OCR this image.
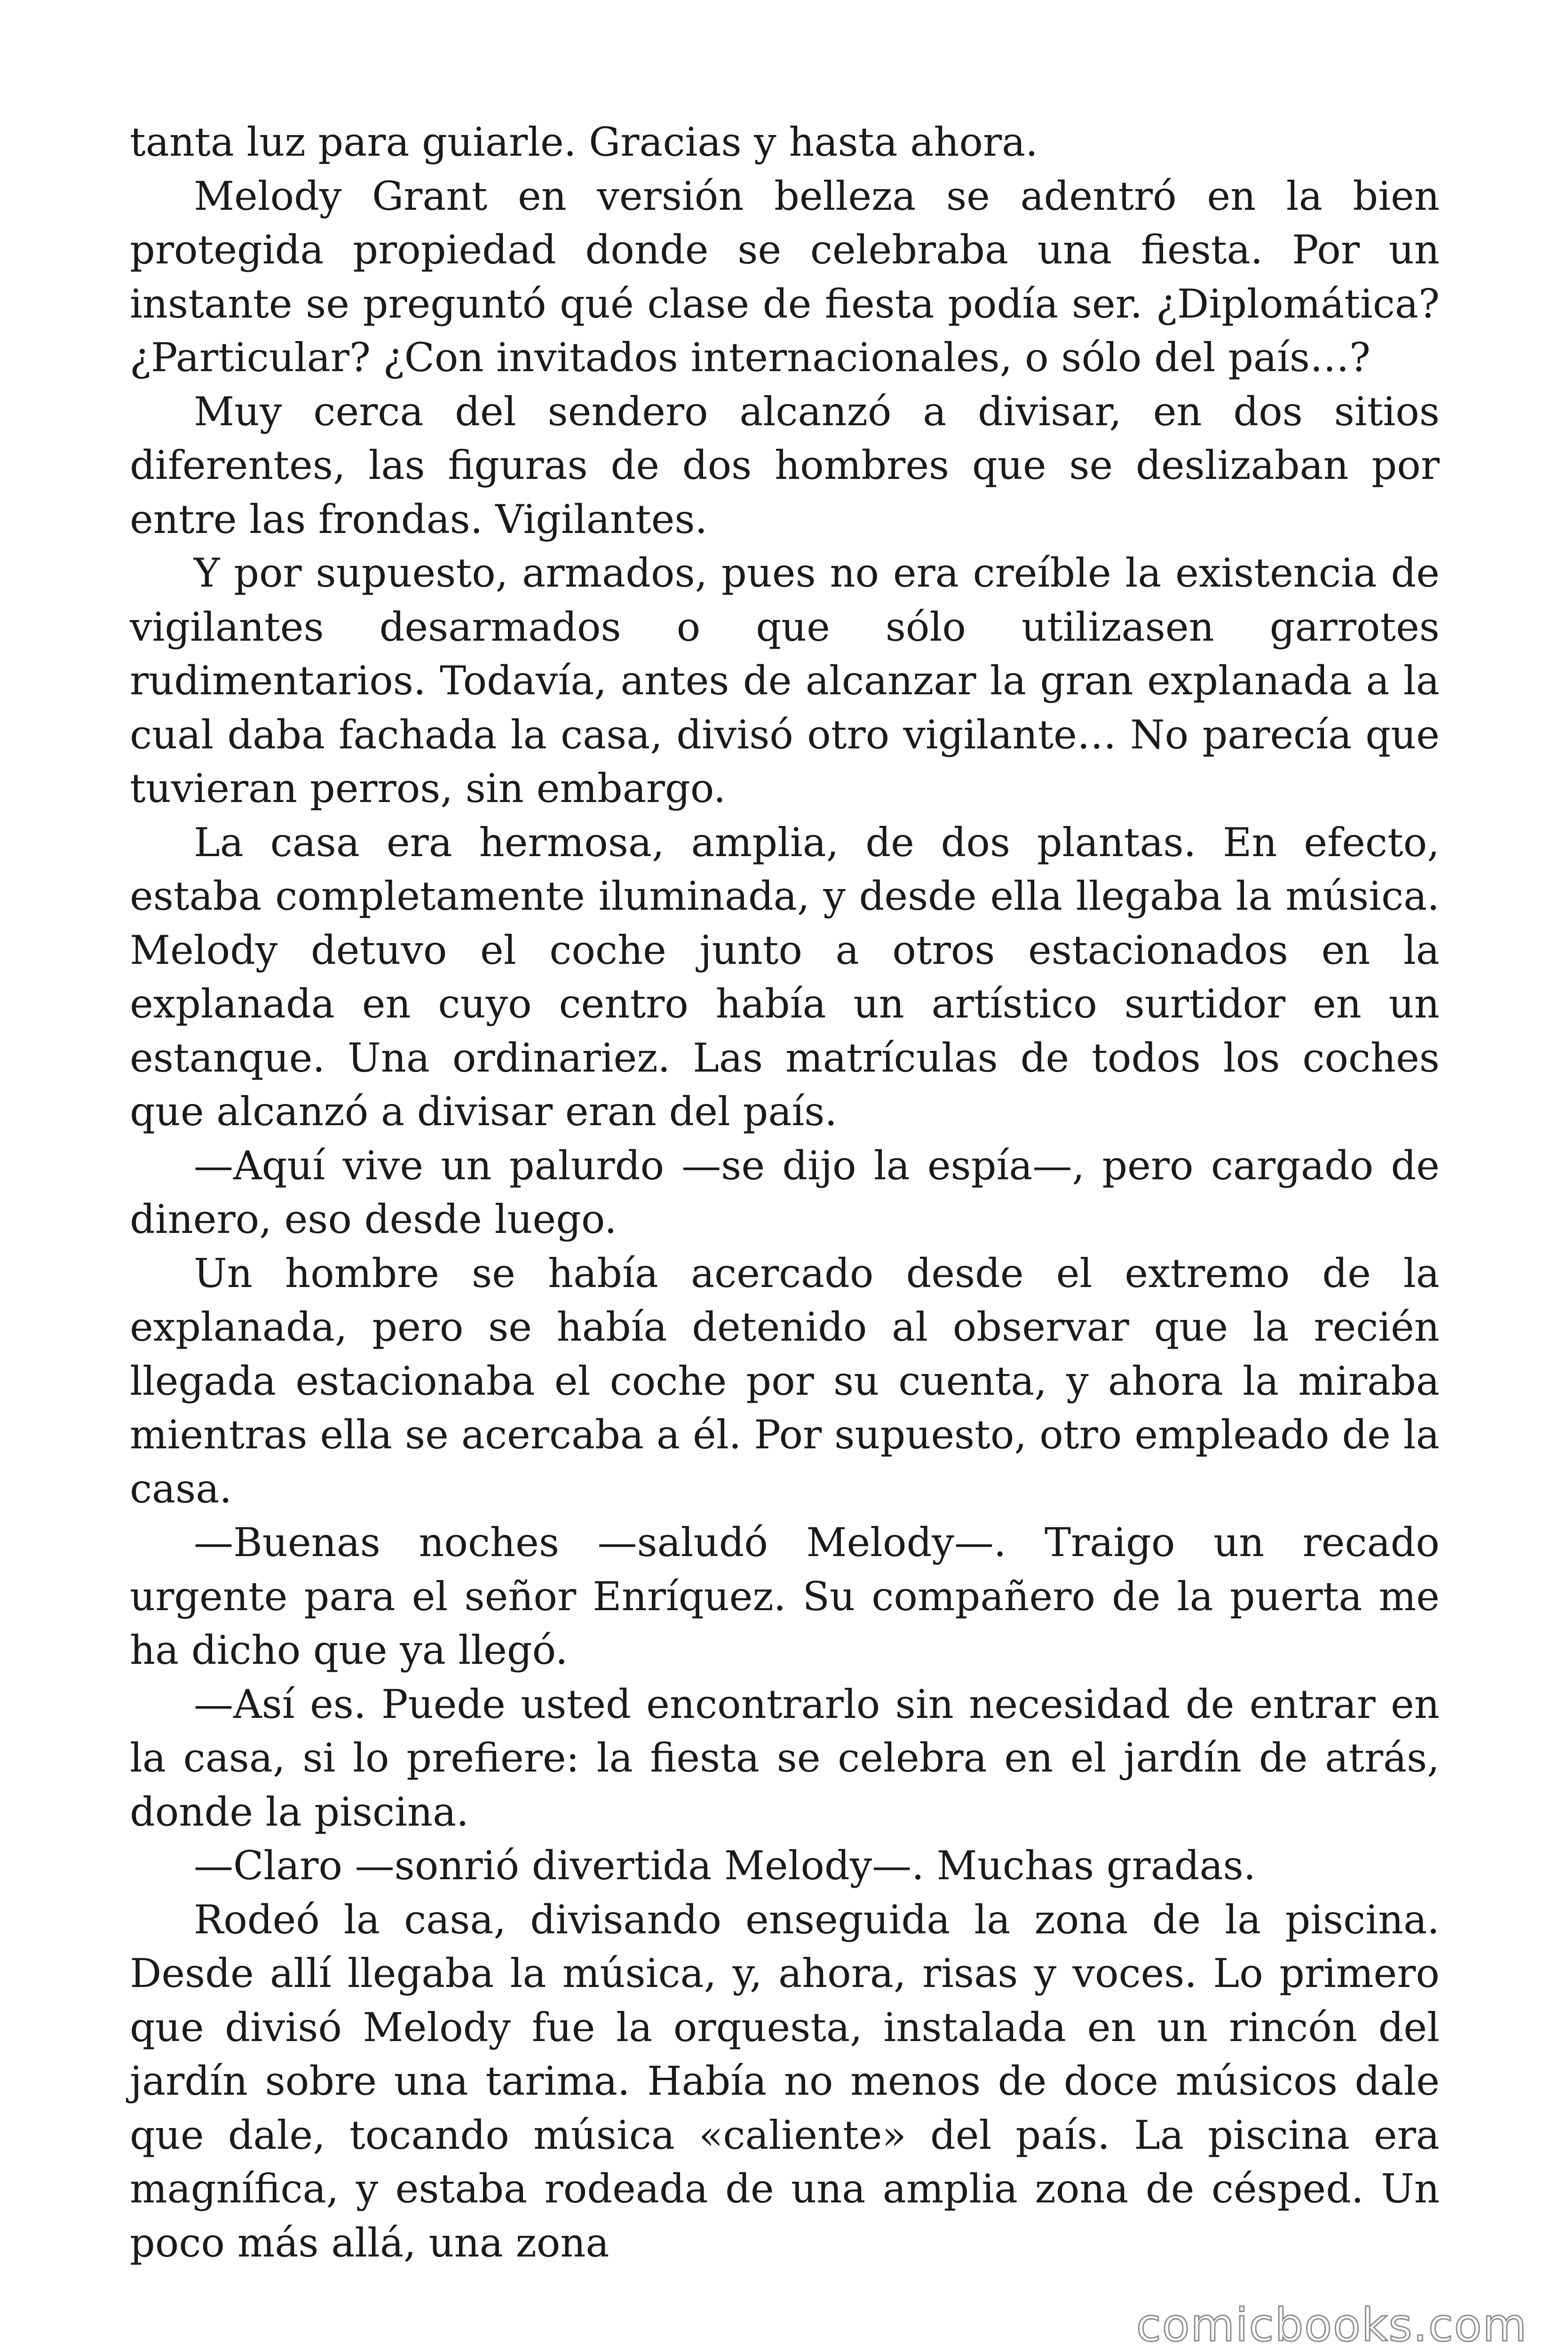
tanta luz para guiarle. Gracias y hasta ahora.

Melody Grant en versión belleza se adentró en la bien protegida propiedad donde se celebraba una fiesta. Por un instante se preguntó qué clase de fiesta podía ser. ¿Diplomática? ¿Particular? ¿Con invitados internacionales, o sólo del país…?

Muy cerca del sendero alcanzó a divisar, en dos sitios diferentes, las figuras de dos hombres que se deslizaban por entre las frondas. Vigilantes.

Y por supuesto, armados, pues no era creíble la existencia de vigilantes desarmados o que sólo utilizasen garrotes rudimentarios. Todavía, antes de alcanzar la gran explanada a la cual daba fachada la casa, divisó otro vigilante… No parecía que tuvieran perros, sin embargo.

La casa era hermosa, amplia, de dos plantas. En efecto, estaba completamente iluminada, y desde ella llegaba la música. Melody detuvo el coche junto a otros estacionados en la explanada en cuyo centro había un artístico surtidor en un estanque. Una ordinariez. Las matrículas de todos los coches que alcanzó a divisar eran del país.

—Aquí vive un palurdo —se dijo la espía—, pero cargado de dinero, eso desde luego.

Un hombre se había acercado desde el extremo de la explanada, pero se había detenido al observar que la recién llegada estacionaba el coche por su cuenta, y ahora la miraba mientras ella se acercaba a él. Por supuesto, otro empleado de la casa.

—Buenas noches —saludó Melody—. Traigo un recado urgente para el señor Enríquez. Su compañero de la puerta me ha dicho que ya llegó.

—Así es. Puede usted encontrarlo sin necesidad de entrar en la casa, si lo prefiere: la fiesta se celebra en el jardín de atrás, donde la piscina.

—Claro —sonrió divertida Melody—. Muchas gradas.

Rodeó la casa, divisando enseguida la zona de la piscina. Desde allí llegaba la música, y, ahora, risas y voces. Lo primero que divisó Melody fue la orquesta, instalada en un rincón del jardín sobre una tarima. Había no menos de doce músicos dale que dale, tocando música «caliente» del país. La piscina era magnífica, y estaba rodeada de una amplia zona de césped. Un poco más allá, una zona

comicbooks.com
